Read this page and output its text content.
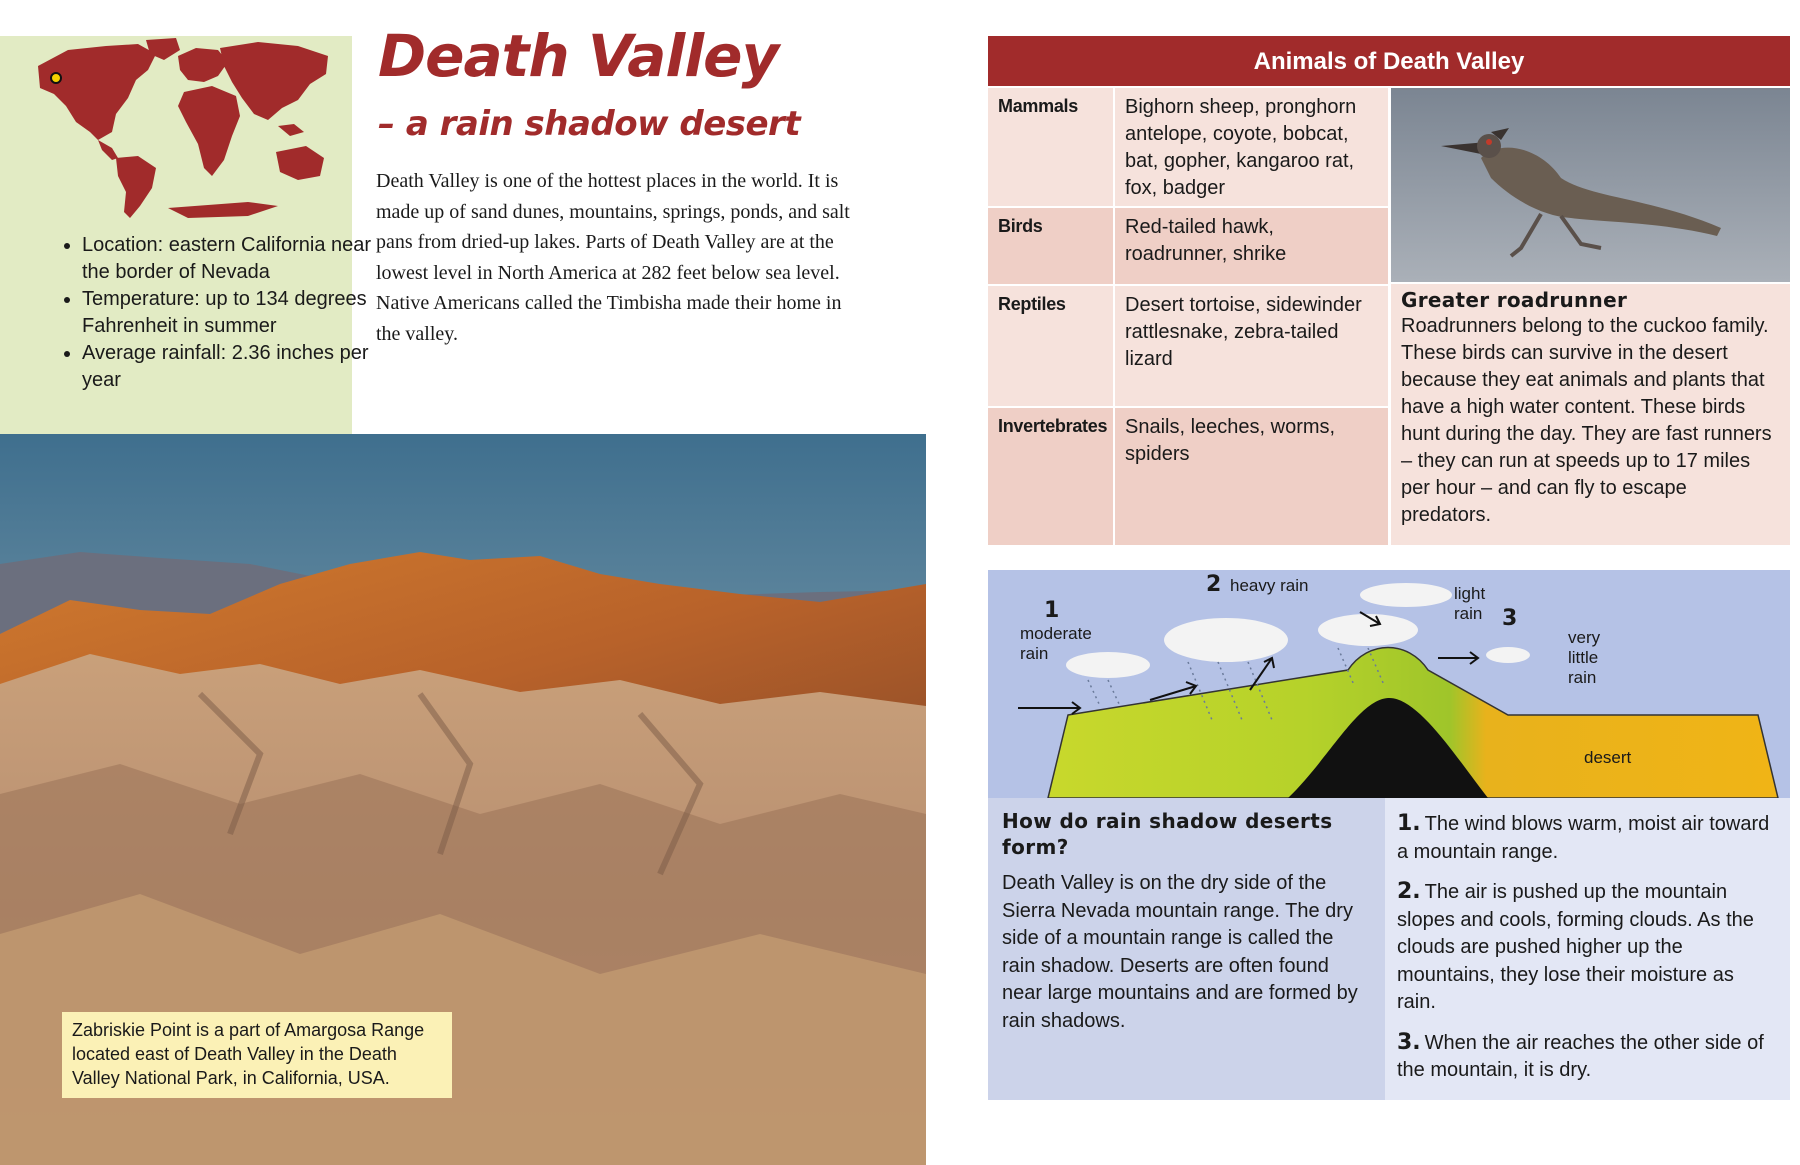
• Location: eastern California near the border of Nevada
• Temperature: up to 134 degrees Fahrenheit in summer
• Average rainfall: 2.36 inches per year
Death Valley
– a rain shadow desert

Death Valley is one of the hottest places in the world. It is made up of sand dunes, mountains, springs, ponds, and salt pans from dried-up lakes. Parts of Death Valley are at the lowest level in North America at 282 feet below sea level. Native Americans called the Timbisha made their home in the valley.

Zabriskie Point is a part of Amargosa Range located east of Death Valley in the Death Valley National Park, in California, USA.
Animals of Death Valley
Mammals	Bighorn sheep, pronghorn antelope, coyote, bobcat, bat, gopher, kangaroo rat, fox, badger
Birds	Red-tailed hawk, roadrunner, shrike
Reptiles	Desert tortoise, sidewinder rattlesnake, zebra-tailed lizard
Invertebrates Snails, leeches, worms, spiders

Greater roadrunner

Roadrunners belong to the cuckoo family. These birds can survive in the desert because they eat animals and plants that have a high water content. These birds hunt during the day. They are fast runners – they can run at speeds up to 17 miles per hour – and can fly to escape predators.

1
moderate rain
2 heavy rain	light rain 3
very little rain
desert

How do rain shadow deserts form?

Death Valley is on the dry side of the Sierra Nevada mountain range. The dry side of a mountain range is called the rain shadow. Deserts are often found near large mountains and are formed by rain shadows.

1. The wind blows warm, moist air toward a mountain range.

2. The air is pushed up the mountain slopes and cools, forming clouds. As the clouds are pushed higher up the mountains, they lose their moisture as rain.

3. When the air reaches the other side of the mountain, it is dry.
